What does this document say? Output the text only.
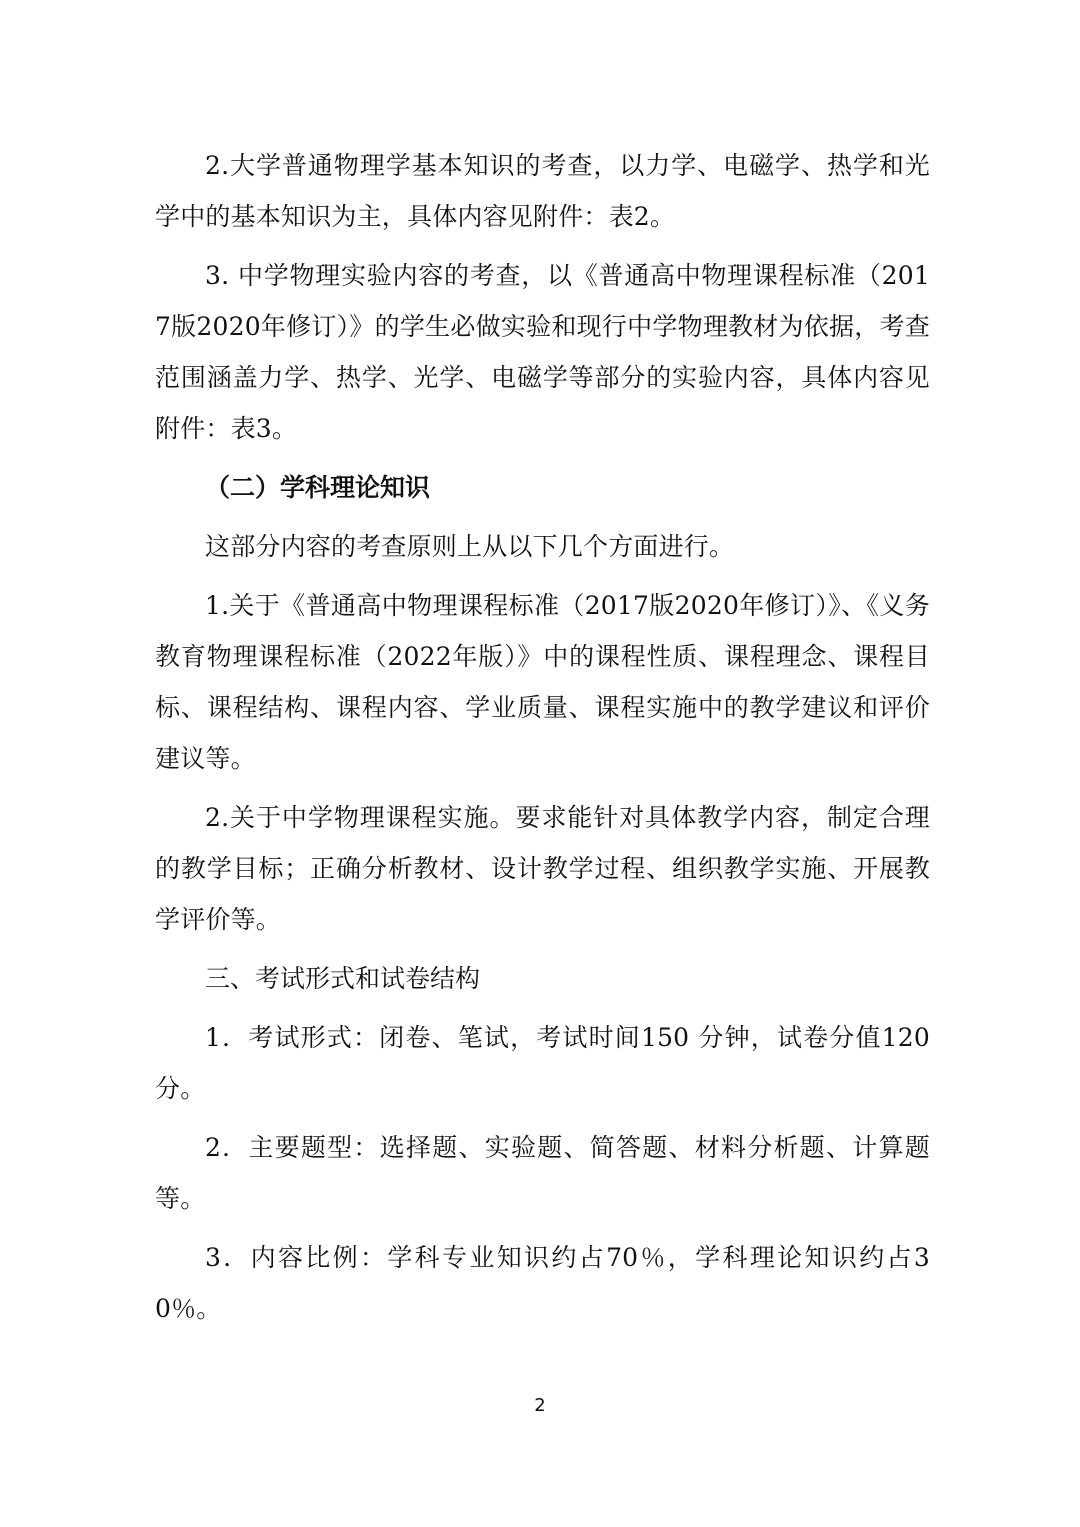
2.大学普通物理学基本知识的考查，以力学、电磁学、热学和光学中的基本知识为主，具体内容见附件：表2。

3. 中学物理实验内容的考查，以《普通高中物理课程标准（2017版2020年修订）》的学生必做实验和现行中学物理教材为依据，考查范围涵盖力学、热学、光学、电磁学等部分的实验内容，具体内容见附件：表3。

（二）学科理论知识

这部分内容的考查原则上从以下几个方面进行。

1.关于《普通高中物理课程标准（2017版2020年修订）》、《义务教育物理课程标准（2022年版）》中的课程性质、课程理念、课程目标、课程结构、课程内容、学业质量、课程实施中的教学建议和评价建议等。

2.关于中学物理课程实施。要求能针对具体教学内容，制定合理的教学目标；正确分析教材、设计教学过程、组织教学实施、开展教学评价等。

三、考试形式和试卷结构

1．考试形式：闭卷、笔试，考试时间150 分钟，试卷分值120分。

2．主要题型：选择题、实验题、简答题、材料分析题、计算题等。

3．内容比例：学科专业知识约占70％，学科理论知识约占30％。

2
